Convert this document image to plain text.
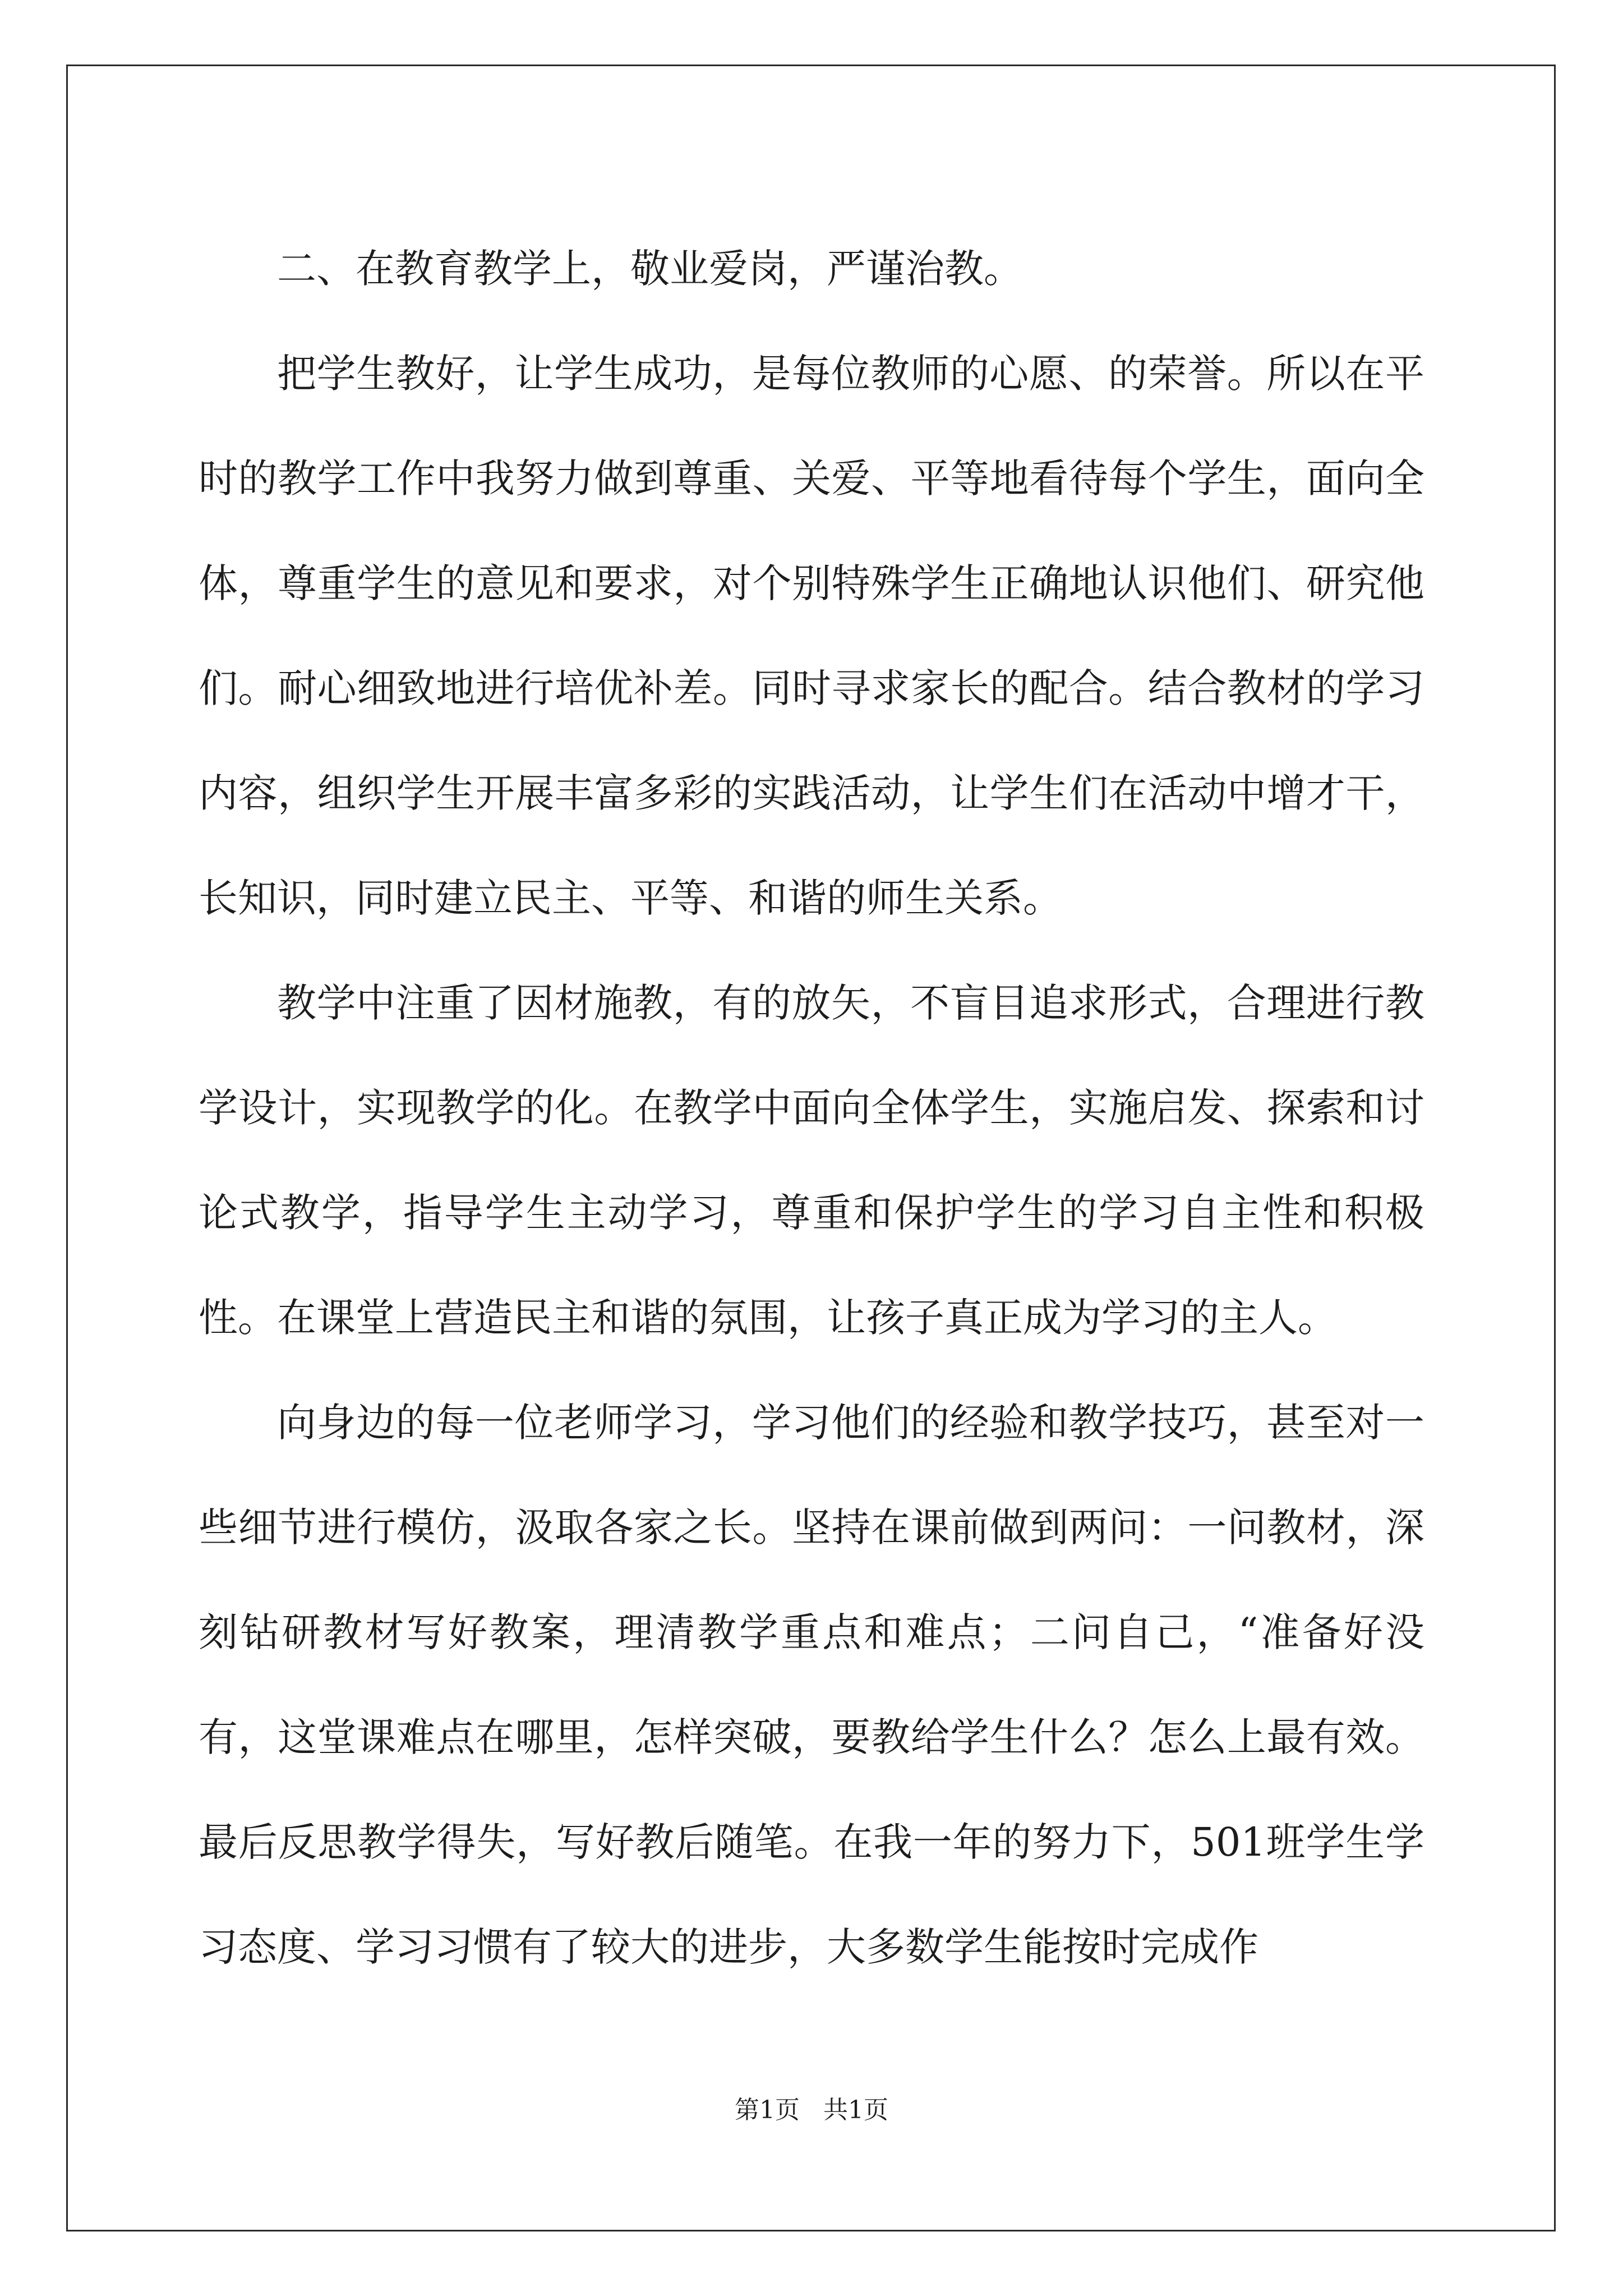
二、在教育教学上，敬业爱岗，严谨治教。

把学生教好，让学生成功，是每位教师的心愿、的荣誉。所以在平时的教学工作中我努力做到尊重、关爱、平等地看待每个学生，面向全体，尊重学生的意见和要求，对个别特殊学生正确地认识他们、研究他们。耐心细致地进行培优补差。同时寻求家长的配合。结合教材的学习内容，组织学生开展丰富多彩的实践活动，让学生们在活动中增才干，长知识，同时建立民主、平等、和谐的师生关系。

教学中注重了因材施教，有的放矢，不盲目追求形式，合理进行教学设计，实现教学的化。在教学中面向全体学生，实施启发、探索和讨论式教学，指导学生主动学习，尊重和保护学生的学习自主性和积极性。在课堂上营造民主和谐的氛围，让孩子真正成为学习的主人。

向身边的每一位老师学习，学习他们的经验和教学技巧，甚至对一些细节进行模仿，汲取各家之长。坚持在课前做到两问：一问教材，深刻钻研教材写好教案，理清教学重点和难点；二问自己，“准备好没有，这堂课难点在哪里，怎样突破，要教给学生什么？怎么上最有效。最后反思教学得失，写好教后随笔。在我一年的努力下，501班学生学习态度、学习习惯有了较大的进步，大多数学生能按时完成作

第1页   共1页
